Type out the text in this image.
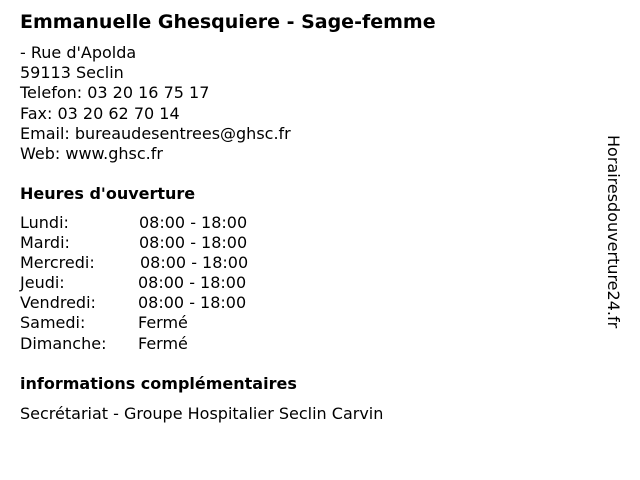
Emmanuelle Ghesquiere - Sage-femme
- Rue d'Apolda
59113 Seclin
Telefon: 03 20 16 75 17
Fax: 03 20 62 70 14
Email: bureaudesentrees@ghsc.fr
Web: www.ghsc.fr
Heures d'ouverture
Lundi:	08:00 - 18:00
Mardi:	08:00 - 18:00
Mercredi:	08:00 - 18:00
Jeudi:	08:00 - 18:00
Vendredi:	08:00 - 18:00
Samedi:	Fermé
Dimanche: Fermé
informations complémentaires
Secrétariat - Groupe Hospitalier Seclin Carvin
Horairesdouverture24.fr
